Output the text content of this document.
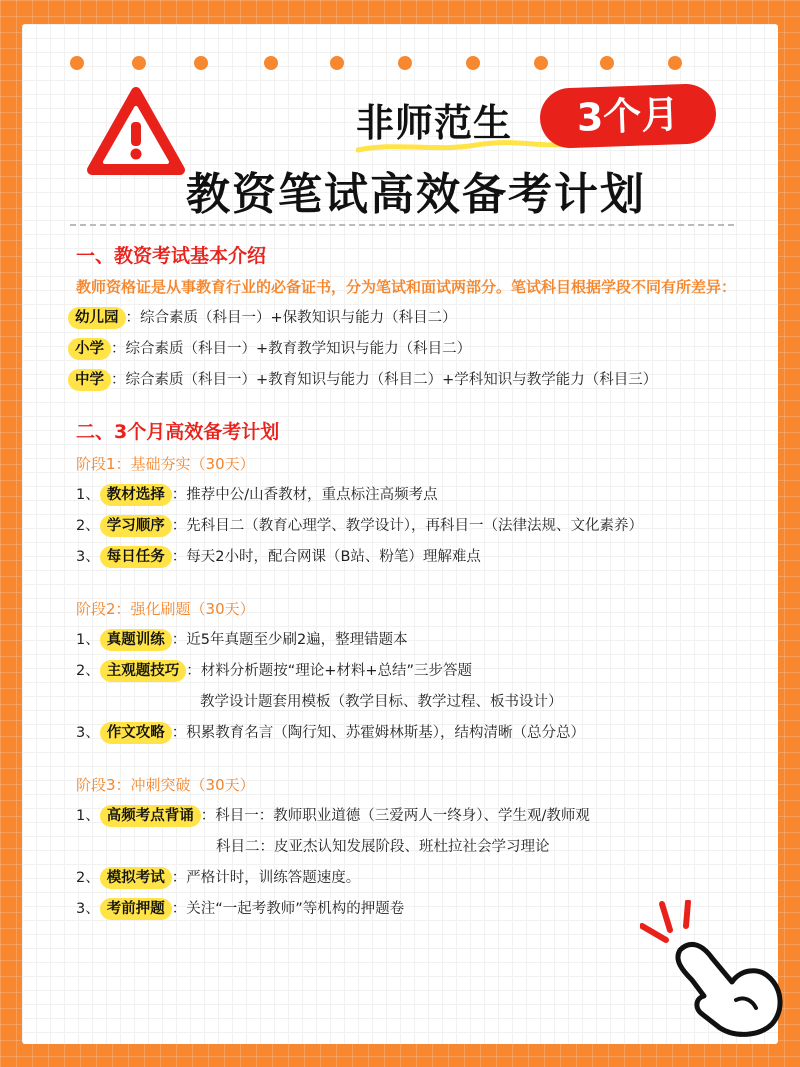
非师范生	3个月
教资笔试高效备考计划
一、教资考试基本介绍

教师资格证是从事教育行业的必备证书，分为笔试和面试两部分。笔试科目根据学段不同有所差异：

幼儿园 ：综合素质（科目一）+保教知识与能力（科目二）
小学 ：综合素质（科目一）+教育教学知识与能力（科目二）
中学 ：综合素质（科目一）+教育知识与能力（科目二）+学科知识与教学能力（科目三）
二、3个月高效备考计划
阶段1：基础夯实（30天）
1、 教材选择 ：推荐中公/山香教材，重点标注高频考点
2、 学习顺序 ：先科目二（教育心理学、教学设计），再科目一（法律法规、文化素养）
3、 每日任务 ：每天2小时，配合网课（B站、粉笔）理解难点
阶段2：强化刷题（30天）
1、 真题训练 ：近5年真题至少刷2遍，整理错题本
2、 主观题技巧 ：材料分析题按“理论+材料+总结”三步答题
教学设计题套用模板（教学目标、教学过程、板书设计）
3、 作文攻略 ：积累教育名言（陶行知、苏霍姆林斯基），结构清晰（总分总）
阶段3：冲刺突破（30天）
1、 高频考点背诵 ：科目一：教师职业道德（三爱两人一终身）、学生观/教师观
科目二：皮亚杰认知发展阶段、班杜拉社会学习理论
2、 模拟考试 ：严格计时，训练答题速度。
3、 考前押题 ：关注“一起考教师”等机构的押题卷
